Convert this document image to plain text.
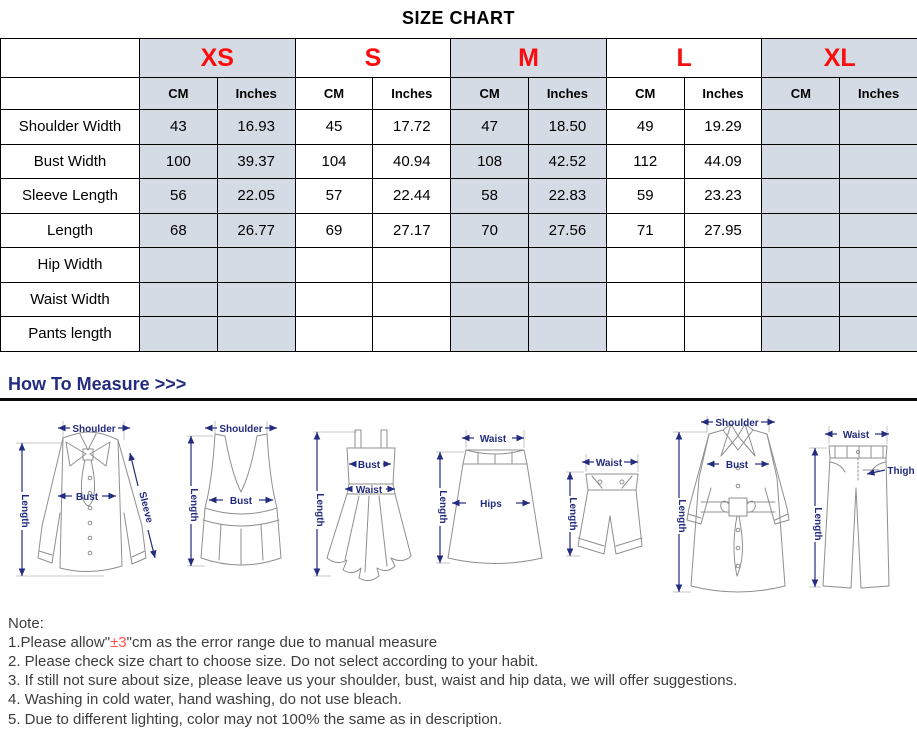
SIZE CHART
	XS		S		M		L		XL	
	CM	Inches	CM	Inches	CM	Inches	CM	Inches	CM	Inches
Shoulder Width	43	16.93	45	17.72	47	18.50	49	19.29		
Bust Width	100	39.37	104	40.94	108	42.52	112	44.09		
Sleeve Length	56	22.05	57	22.44	58	22.83	59	23.23		
Length	68	26.77	69	27.17	70	27.56	71	27.95		
Hip Width										
Waist Width										
Pants length										
How To Measure >>>
Shoulder
Bust	Sleeve
Length
Shoulder
Bust
Length
Bust
Waist
Length
Waist
Hips
Length
Waist
Length
Shoulder
Bust
Length
Waist
Thigh
Length
Note:
1.Please allow"±3"cm as the error range due to manual measure
2. Please check size chart to choose size. Do not select according to your habit.
3. If still not sure about size, please leave us your shoulder, bust, waist and hip data, we will offer suggestions.
4. Washing in cold water, hand washing, do not use bleach.
5. Due to different lighting, color may not 100% the same as in description.
